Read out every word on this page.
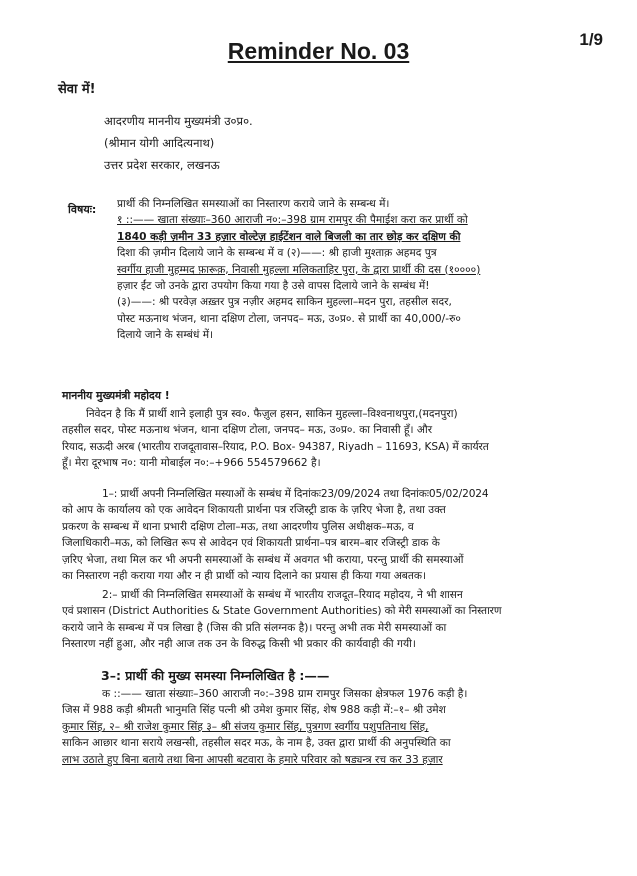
1/9
Reminder No. 03
सेवा में!
आदरणीय माननीय मुख्यमंत्री उ०प्र०.
(श्रीमान योगी आदित्यनाथ)
उत्तर प्रदेश सरकार, लखनऊ
विषयः: प्रार्थी की निम्नलिखित समस्याओं का निस्तारण कराये जाने के सम्बन्ध में।
१ ::—— खाता संख्याः–360 आराजी न०:–398 ग्राम रामपुर की पैमाईश करा कर प्रार्थी को
1840 कड़ी ज़मीन 33 हज़ार वोल्टेज़ हाईटेंशन वाले बिजली का तार छोड़ कर दक्षिण की
दिशा की ज़मीन दिलाये जाने के सम्बन्ध में व (२)——: श्री हाजी मुश्ताक़ अहमद पुत्र
स्वर्गीय हाजी मुहम्मद फ़ारूक़, निवासी मुहल्ला मलिकताहिर पुरा, के द्वारा प्रार्थी की दस (१००००)
हज़ार ईंट जो उनके द्वारा उपयोग किया गया है उसे वापस दिलाये जाने के सम्बंध में!
(३)——: श्री परवेज़ अख़्तर पुत्र नज़ीर अहमद साकिन मुहल्ला–मदन पुरा, तहसील सदर,
पोस्ट मऊनाथ भंजन, थाना दक्षिण टोला, जनपद– मऊ, उ०प्र०. से प्रार्थी का 40,000/-रु०
दिलाये जाने के सम्बंधं में।
माननीय मुख्यमंत्री महोदय !
निवेदन है कि मैं प्रार्थी शाने इलाही पुत्र स्व०. फैज़ुल हसन, साकिन मुहल्ला–विश्वनाथपुरा,(मदनपुरा)
तहसील सदर, पोस्ट मऊनाथ भंजन, थाना दक्षिण टोला, जनपद– मऊ, उ०प्र०. का निवासी हूँ। और
रियाद, सऊदी अरब (भारतीय राजदूतावास–रियाद, P.O. Box- 94387, Riyadh – 11693, KSA) में कार्यरत
हूँ। मेरा दूरभाष न०: यानी मोबाईल न०:–+966 554579662 है।
1–: प्रार्थी अपनी निम्नलिखित मस्याओं के सम्बंध में दिनांकः23/09/2024 तथा दिनांकः05/02/2024
को आप के कार्यालय को एक आवेदन शिकायती प्रार्थना पत्र रजिस्ट्री डाक के ज़रिए भेजा है, तथा उक्त
प्रकरण के सम्बन्ध में थाना प्रभारी दक्षिण टोला–मऊ, तथा आदरणीय पुलिस अधीक्षक–मऊ, व
जिलाधिकारी–मऊ, को लिखित रूप से आवेदन एवं शिकायती प्रार्थना–पत्र बारम–बार रजिस्ट्री डाक के
ज़रिए भेजा, तथा मिल कर भी अपनी समस्याओं के सम्बंध में अवगत भी कराया, परन्तु प्रार्थी की समस्याओं
का निस्तारण नही कराया गया और न ही प्रार्थी को न्याय दिलाने का प्रयास ही किया गया अबतक।
2:– प्रार्थी की निम्नलिखित समस्याओं के सम्बंध में भारतीय राजदूत–रियाद महोदय, ने भी शासन
एवं प्रशासन (District Authorities & State Government Authorities) को मेरी समस्याओं का निस्तारण
कराये जाने के सम्बन्ध में पत्र लिखा है (जिस की प्रति संलग्नक है)। परन्तु अभी तक मेरी समस्याओं का
निस्तारण नहीं हुआ, और नही आज तक उन के विरुद्ध किसी भी प्रकार की कार्यवाही की गयी।
3–: प्रार्थी की मुख्य समस्या निम्नलिखित है :——
क ::—— खाता संख्याः–360 आराजी न०:–398 ग्राम रामपुर जिसका क्षेत्रफल 1976 कड़ी है।
जिस में 988 कड़ी श्रीमती भानुमति सिंह पत्नी श्री उमेश कुमार सिंह, शेष 988 कड़ी में:–१– श्री उमेश
कुमार सिंह, २– श्री राजेश कुमार सिंह ३– श्री संजय कुमार सिंह, पुत्रगण स्वर्गीय पशुपतिनाथ सिंह,
साकिन आछार थाना सराये लखन्सी, तहसील सदर मऊ, के नाम है, उक्त द्वारा प्रार्थी की अनुपस्थिति का
लाभ उठाते हुए बिना बताये तथा बिना आपसी बटवारा के हमारे परिवार को षड्यन्त्र रच कर 33 हज़ार
